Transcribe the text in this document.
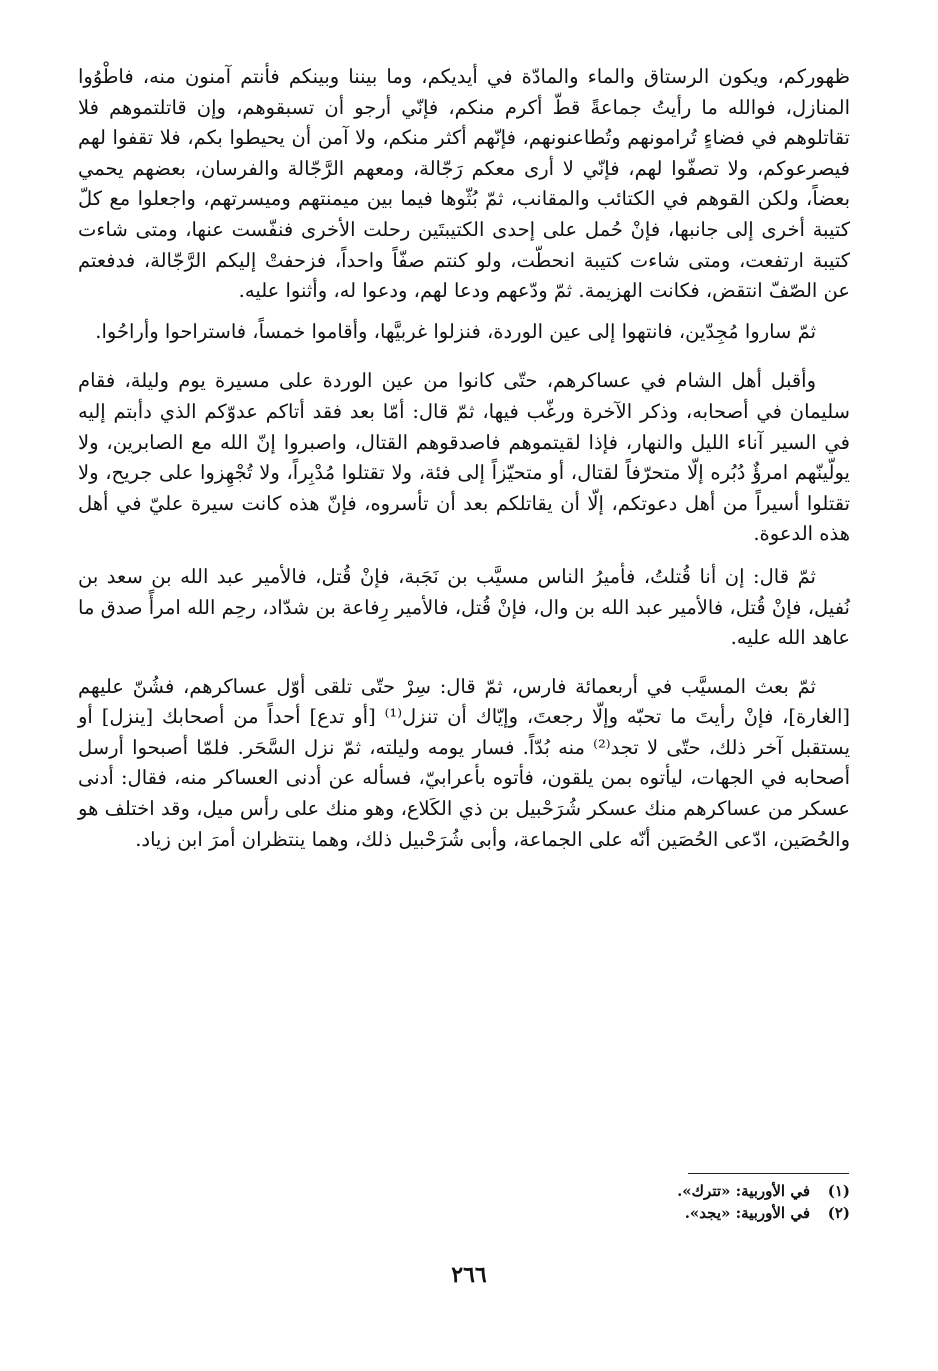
ظهوركم، ويكون الرستاق والماء والمادّة في أيديكم، وما بيننا وبينكم فأنتم آمنون منه، فاطْوُوا المنازل، فوالله ما رأيتُ جماعةً قطّ أكرم منكم، فإنّي أرجو أن تسبقوهم، وإن قاتلتموهم فلا تقاتلوهم في فضاءٍ تُرامونهم وتُطاعنونهم، فإنّهم أكثر منكم، ولا آمن أن يحيطوا بكم، فلا تقفوا لهم فيصرعوكم، ولا تصفّوا لهم، فإنّي لا أرى معكم رَجّالة، ومعهم الرَّجّالة والفرسان، بعضهم يحمي بعضاً، ولكن القوهم في الكتائب والمقانب، ثمّ بُثّوها فيما بين ميمنتهم وميسرتهم، واجعلوا مع كلّ كتيبة أخرى إلى جانبها، فإنْ حُمل على إحدى الكتيبتَين رحلت الأخرى فنفّست عنها، ومتى شاءت كتيبة ارتفعت، ومتى شاءت كتيبة انحطّت، ولو كنتم صفّاً واحداً، فزحفتْ إليكم الرَّجّالة، فدفعتم عن الصّفّ انتقض، فكانت الهزيمة. ثمّ ودّعهم ودعا لهم، ودعوا له، وأثنوا عليه.

ثمّ ساروا مُجِدّين، فانتهوا إلى عين الوردة، فنزلوا غربيَّها، وأقاموا خمساً، فاستراحوا وأراحُوا.

وأقبل أهل الشام في عساكرهم، حتّى كانوا من عين الوردة على مسيرة يوم وليلة، فقام سليمان في أصحابه، وذكر الآخرة ورغّب فيها، ثمّ قال: أمّا بعد فقد أتاكم عدوّكم الذي دأبتم إليه في السير آناء الليل والنهار، فإذا لقيتموهم فاصدقوهم القتال، واصبروا إنّ الله مع الصابرين، ولا يولّينّهم امرؤٌ دُبُره إلّا متحرّفاً لقتال، أو متحيّزاً إلى فئة، ولا تقتلوا مُدْبِراً، ولا تُجْهِزوا على جريح، ولا تقتلوا أسيراً من أهل دعوتكم، إلّا أن يقاتلكم بعد أن تأسروه، فإنّ هذه كانت سيرة عليّ في أهل هذه الدعوة.

ثمّ قال: إن أنا قُتلتُ، فأميرُ الناس مسيَّب بن نَجَبة، فإنْ قُتل، فالأمير عبد الله بن سعد بن نُفيل، فإنْ قُتل، فالأمير عبد الله بن وال، فإنْ قُتل، فالأمير رِفاعة بن شدّاد، رحِم الله امرأً صدق ما عاهد الله عليه.

ثمّ بعث المسيَّب في أربعمائة فارس، ثمّ قال: سِرْ حتّى تلقى أوّل عساكرهم، فشُنّ عليهم [الغارة]، فإنْ رأيتَ ما تحبّه وإلّا رجعتَ، وإيّاك أن تنزل⁽¹⁾ [أو تدع] أحداً من أصحابك [ينزل] أو يستقبل آخر ذلك، حتّى لا تجد⁽²⁾ منه بُدّاً. فسار يومه وليلته، ثمّ نزل السَّحَر. فلمّا أصبحوا أرسل أصحابه في الجهات، ليأتوه بمن يلقون، فأتوه بأعرابيّ، فسأله عن أدنى العساكر منه، فقال: أدنى عسكر من عساكرهم منك عسكر شُرَحْبيل بن ذي الكَلاع، وهو منك على رأس ميل، وقد اختلف هو والحُصَين، ادّعى الحُصَين أنّه على الجماعة، وأبى شُرَحْبيل ذلك، وهما ينتظران أمرَ ابن زياد.

(١)في الأوربية: «تترك».
(٢)في الأوربية: «يجد».
٢٦٦
